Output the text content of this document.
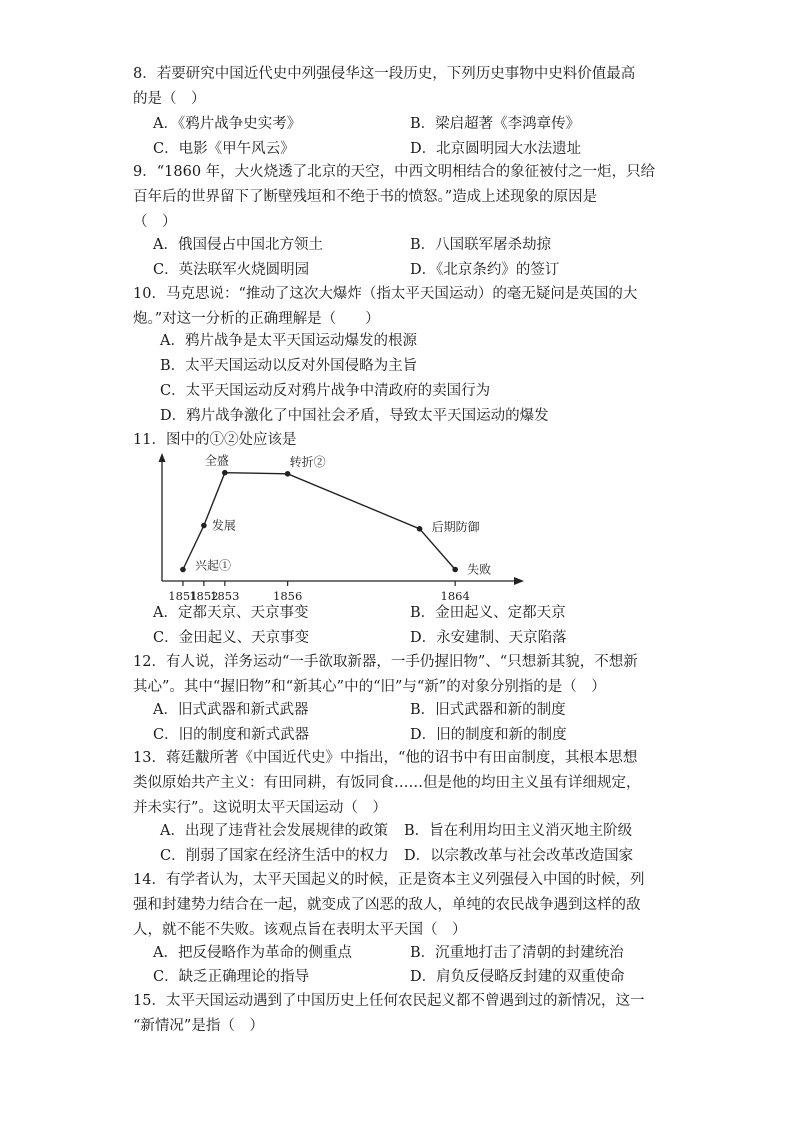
8．若要研究中国近代史中列强侵华这一段历史，下列历史事物中史料价值最高
的是（　）
A．《鸦片战争史实考》	B．梁启超著《李鸿章传》
C．电影《甲午风云》	D．北京圆明园大水法遗址
9．“1860 年，大火烧透了北京的天空，中西文明相结合的象征被付之一炬，只给
百年后的世界留下了断壁残垣和不绝于书的愤怒。”造成上述现象的原因是
（　）
A．俄国侵占中国北方领土	B．八国联军屠杀劫掠
C．英法联军火烧圆明园	D．《北京条约》的签订
10．马克思说：“推动了这次大爆炸（指太平天国运动）的毫无疑问是英国的大
炮。”对这一分析的正确理解是（　　）
A．鸦片战争是太平天国运动爆发的根源
B．太平天国运动以反对外国侵略为主旨
C．太平天国运动反对鸦片战争中清政府的卖国行为
D．鸦片战争激化了中国社会矛盾，导致太平天国运动的爆发
11．图中的①②处应该是
1851
1852
1853	1856	1864
兴起①
发展
全盛	转折②
后期防御
失败
A．定都天京、天京事变	B．金田起义、定都天京
C．金田起义、天京事变	D．永安建制、天京陷落
12．有人说，洋务运动“一手欲取新器，一手仍握旧物”、“只想新其貌，不想新
其心”。其中“握旧物”和“新其心”中的“旧”与“新”的对象分别指的是（　）
A．旧式武器和新式武器	B．旧式武器和新的制度
C．旧的制度和新式武器	D．旧的制度和新的制度
13．蒋廷黻所著《中国近代史》中指出，“他的诏书中有田亩制度，其根本思想
类似原始共产主义：有田同耕，有饭同食……但是他的均田主义虽有详细规定，
并未实行”。这说明太平天国运动（　）
A．出现了违背社会发展规律的政策 B．旨在利用均田主义消灭地主阶级
C．削弱了国家在经济生活中的权力 D．以宗教改革与社会改革改造国家
14．有学者认为，太平天国起义的时候，正是资本主义列强侵入中国的时候，列
强和封建势力结合在一起，就变成了凶恶的敌人，单纯的农民战争遇到这样的敌
人，就不能不失败。该观点旨在表明太平天国（　）
A．把反侵略作为革命的侧重点	B．沉重地打击了清朝的封建统治
C．缺乏正确理论的指导	D．肩负反侵略反封建的双重使命
15．太平天国运动遇到了中国历史上任何农民起义都不曾遇到过的新情况，这一
“新情况”是指（　）
